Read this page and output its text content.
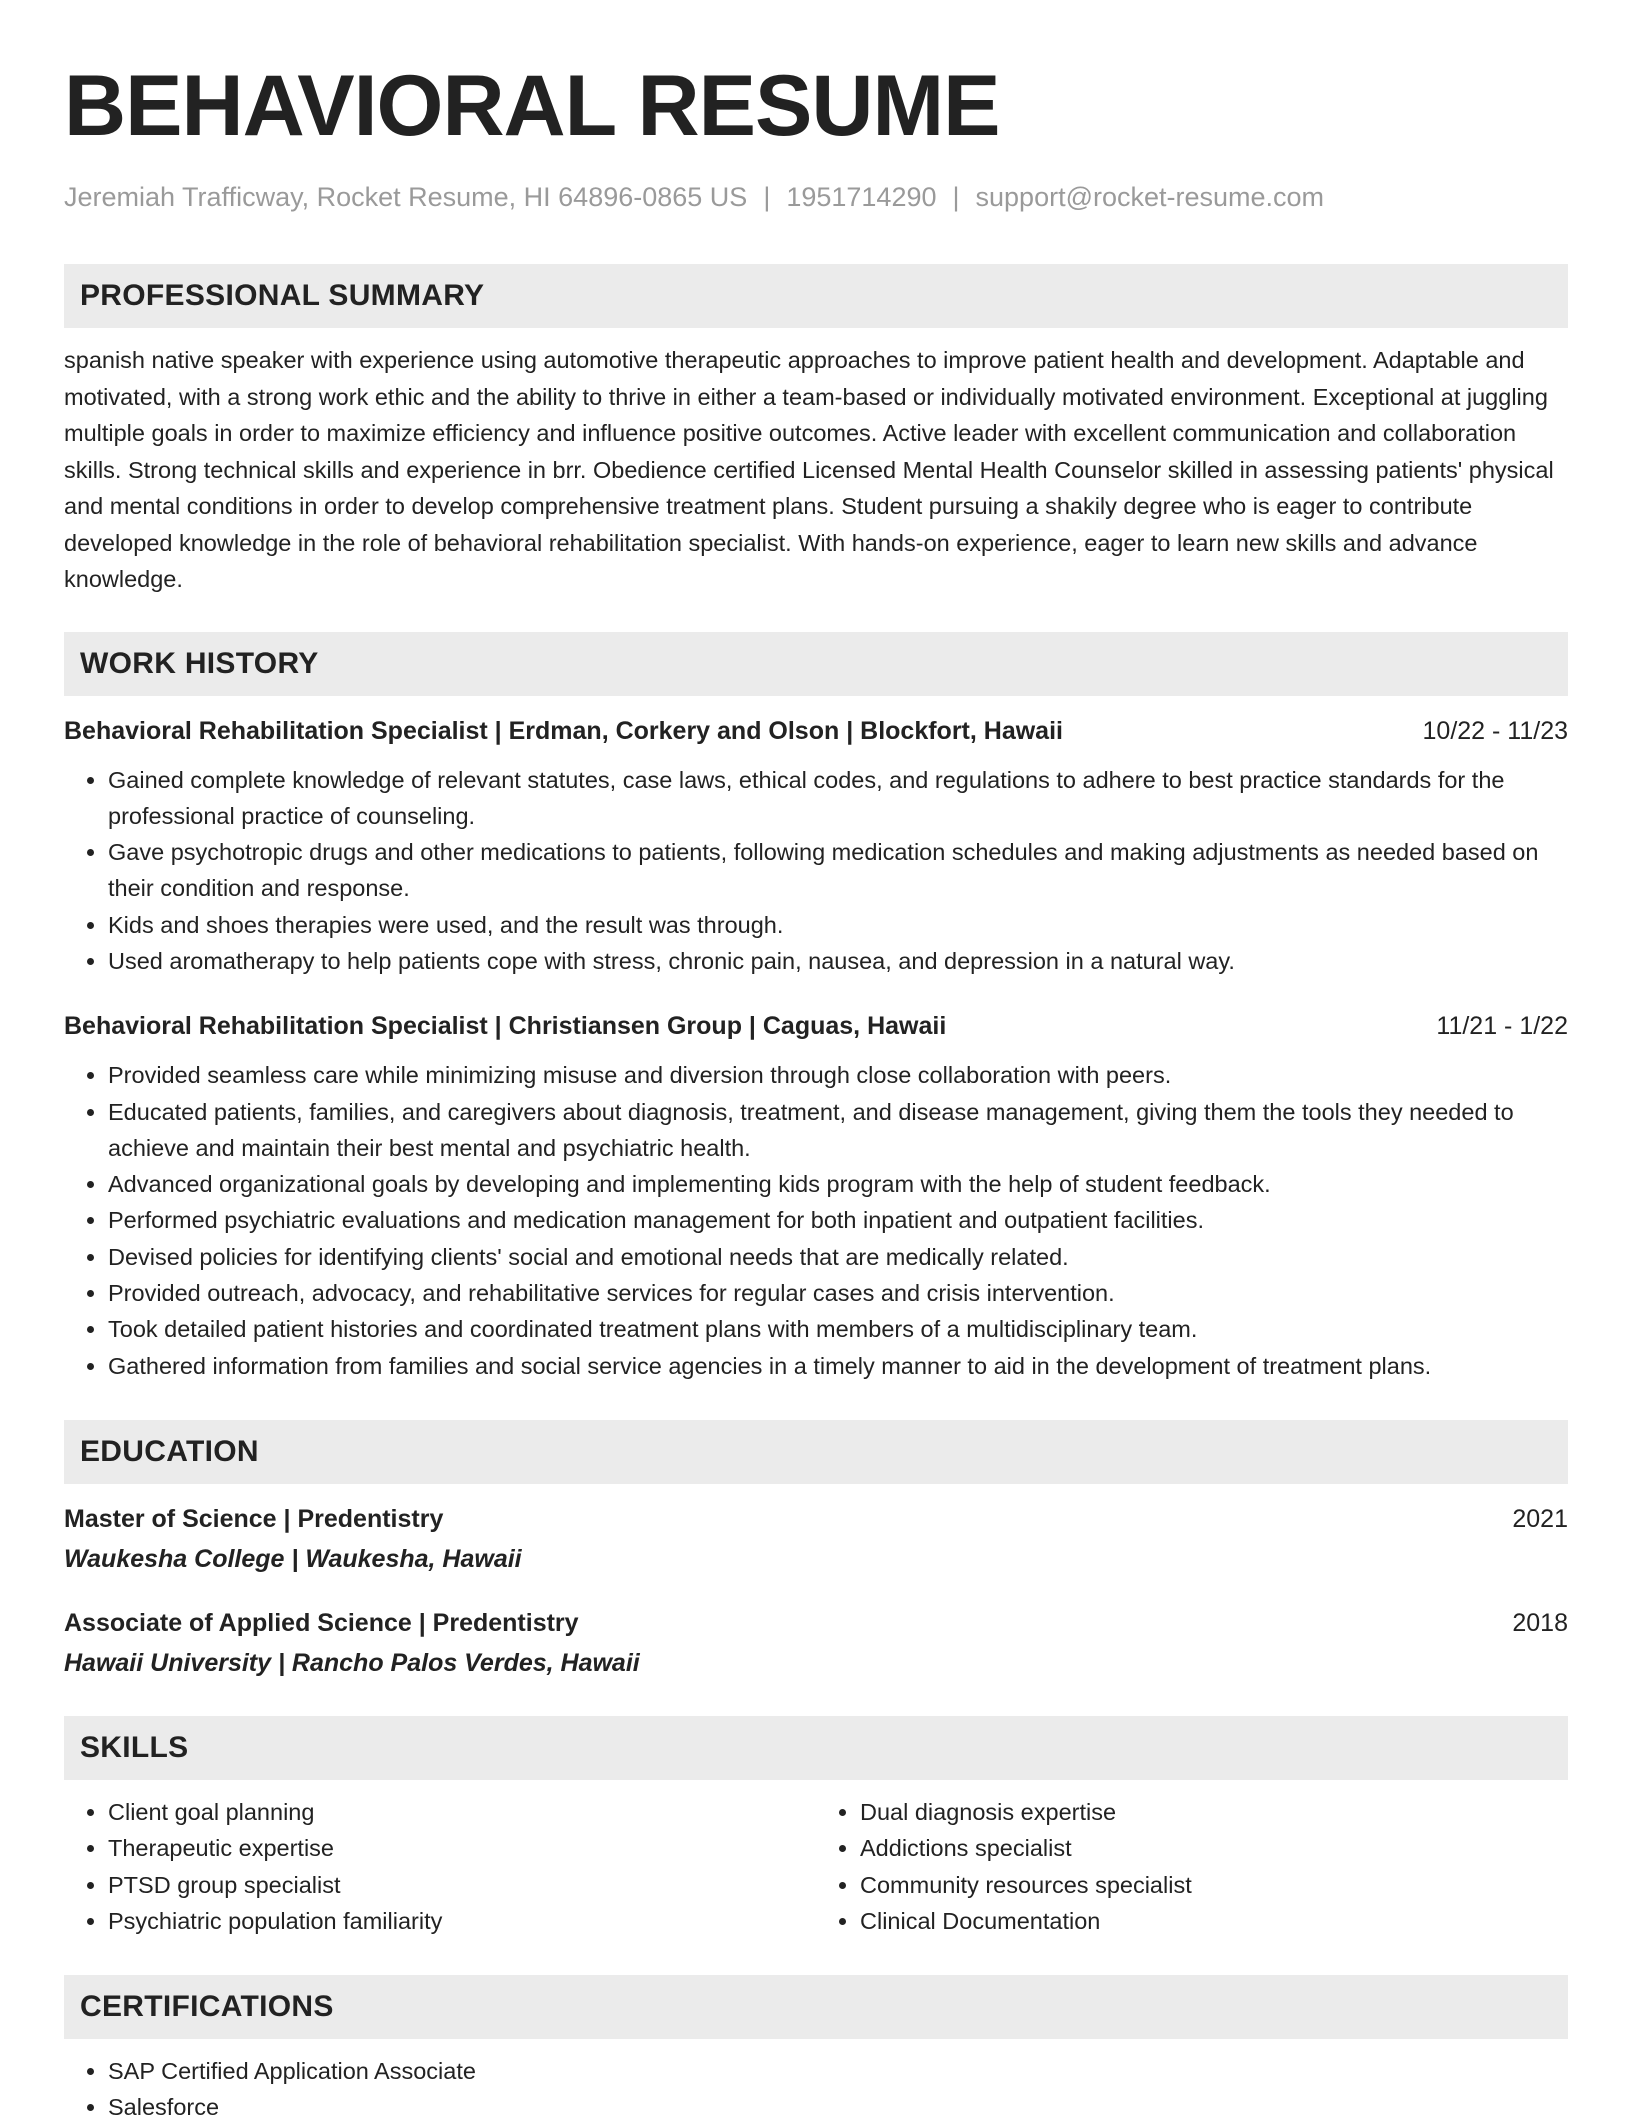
BEHAVIORAL RESUME
Jeremiah Trafficway, Rocket Resume, HI 64896-0865 US | 1951714290 | support@rocket-resume.com
PROFESSIONAL SUMMARY
spanish native speaker with experience using automotive therapeutic approaches to improve patient health and development. Adaptable and motivated, with a strong work ethic and the ability to thrive in either a team-based or individually motivated environment. Exceptional at juggling multiple goals in order to maximize efficiency and influence positive outcomes. Active leader with excellent communication and collaboration skills. Strong technical skills and experience in brr. Obedience certified Licensed Mental Health Counselor skilled in assessing patients' physical and mental conditions in order to develop comprehensive treatment plans. Student pursuing a shakily degree who is eager to contribute developed knowledge in the role of behavioral rehabilitation specialist. With hands-on experience, eager to learn new skills and advance knowledge.
WORK HISTORY
Behavioral Rehabilitation Specialist | Erdman, Corkery and Olson | Blockfort, Hawaii	10/22 - 11/23
• Gained complete knowledge of relevant statutes, case laws, ethical codes, and regulations to adhere to best practice standards for the professional practice of counseling.
• Gave psychotropic drugs and other medications to patients, following medication schedules and making adjustments as needed based on their condition and response.
• Kids and shoes therapies were used, and the result was through.
• Used aromatherapy to help patients cope with stress, chronic pain, nausea, and depression in a natural way.
Behavioral Rehabilitation Specialist | Christiansen Group | Caguas, Hawaii	11/21 - 1/22
• Provided seamless care while minimizing misuse and diversion through close collaboration with peers.
• Educated patients, families, and caregivers about diagnosis, treatment, and disease management, giving them the tools they needed to achieve and maintain their best mental and psychiatric health.
• Advanced organizational goals by developing and implementing kids program with the help of student feedback.
• Performed psychiatric evaluations and medication management for both inpatient and outpatient facilities.
• Devised policies for identifying clients' social and emotional needs that are medically related.
• Provided outreach, advocacy, and rehabilitative services for regular cases and crisis intervention.
• Took detailed patient histories and coordinated treatment plans with members of a multidisciplinary team.
• Gathered information from families and social service agencies in a timely manner to aid in the development of treatment plans.
EDUCATION
Master of Science | Predentistry	2021
Waukesha College | Waukesha, Hawaii
Associate of Applied Science | Predentistry	2018
Hawaii University | Rancho Palos Verdes, Hawaii
SKILLS
• Client goal planning
• Therapeutic expertise
• PTSD group specialist
• Psychiatric population familiarity
• Dual diagnosis expertise
• Addictions specialist
• Community resources specialist
• Clinical Documentation
CERTIFICATIONS
• SAP Certified Application Associate
• Salesforce
